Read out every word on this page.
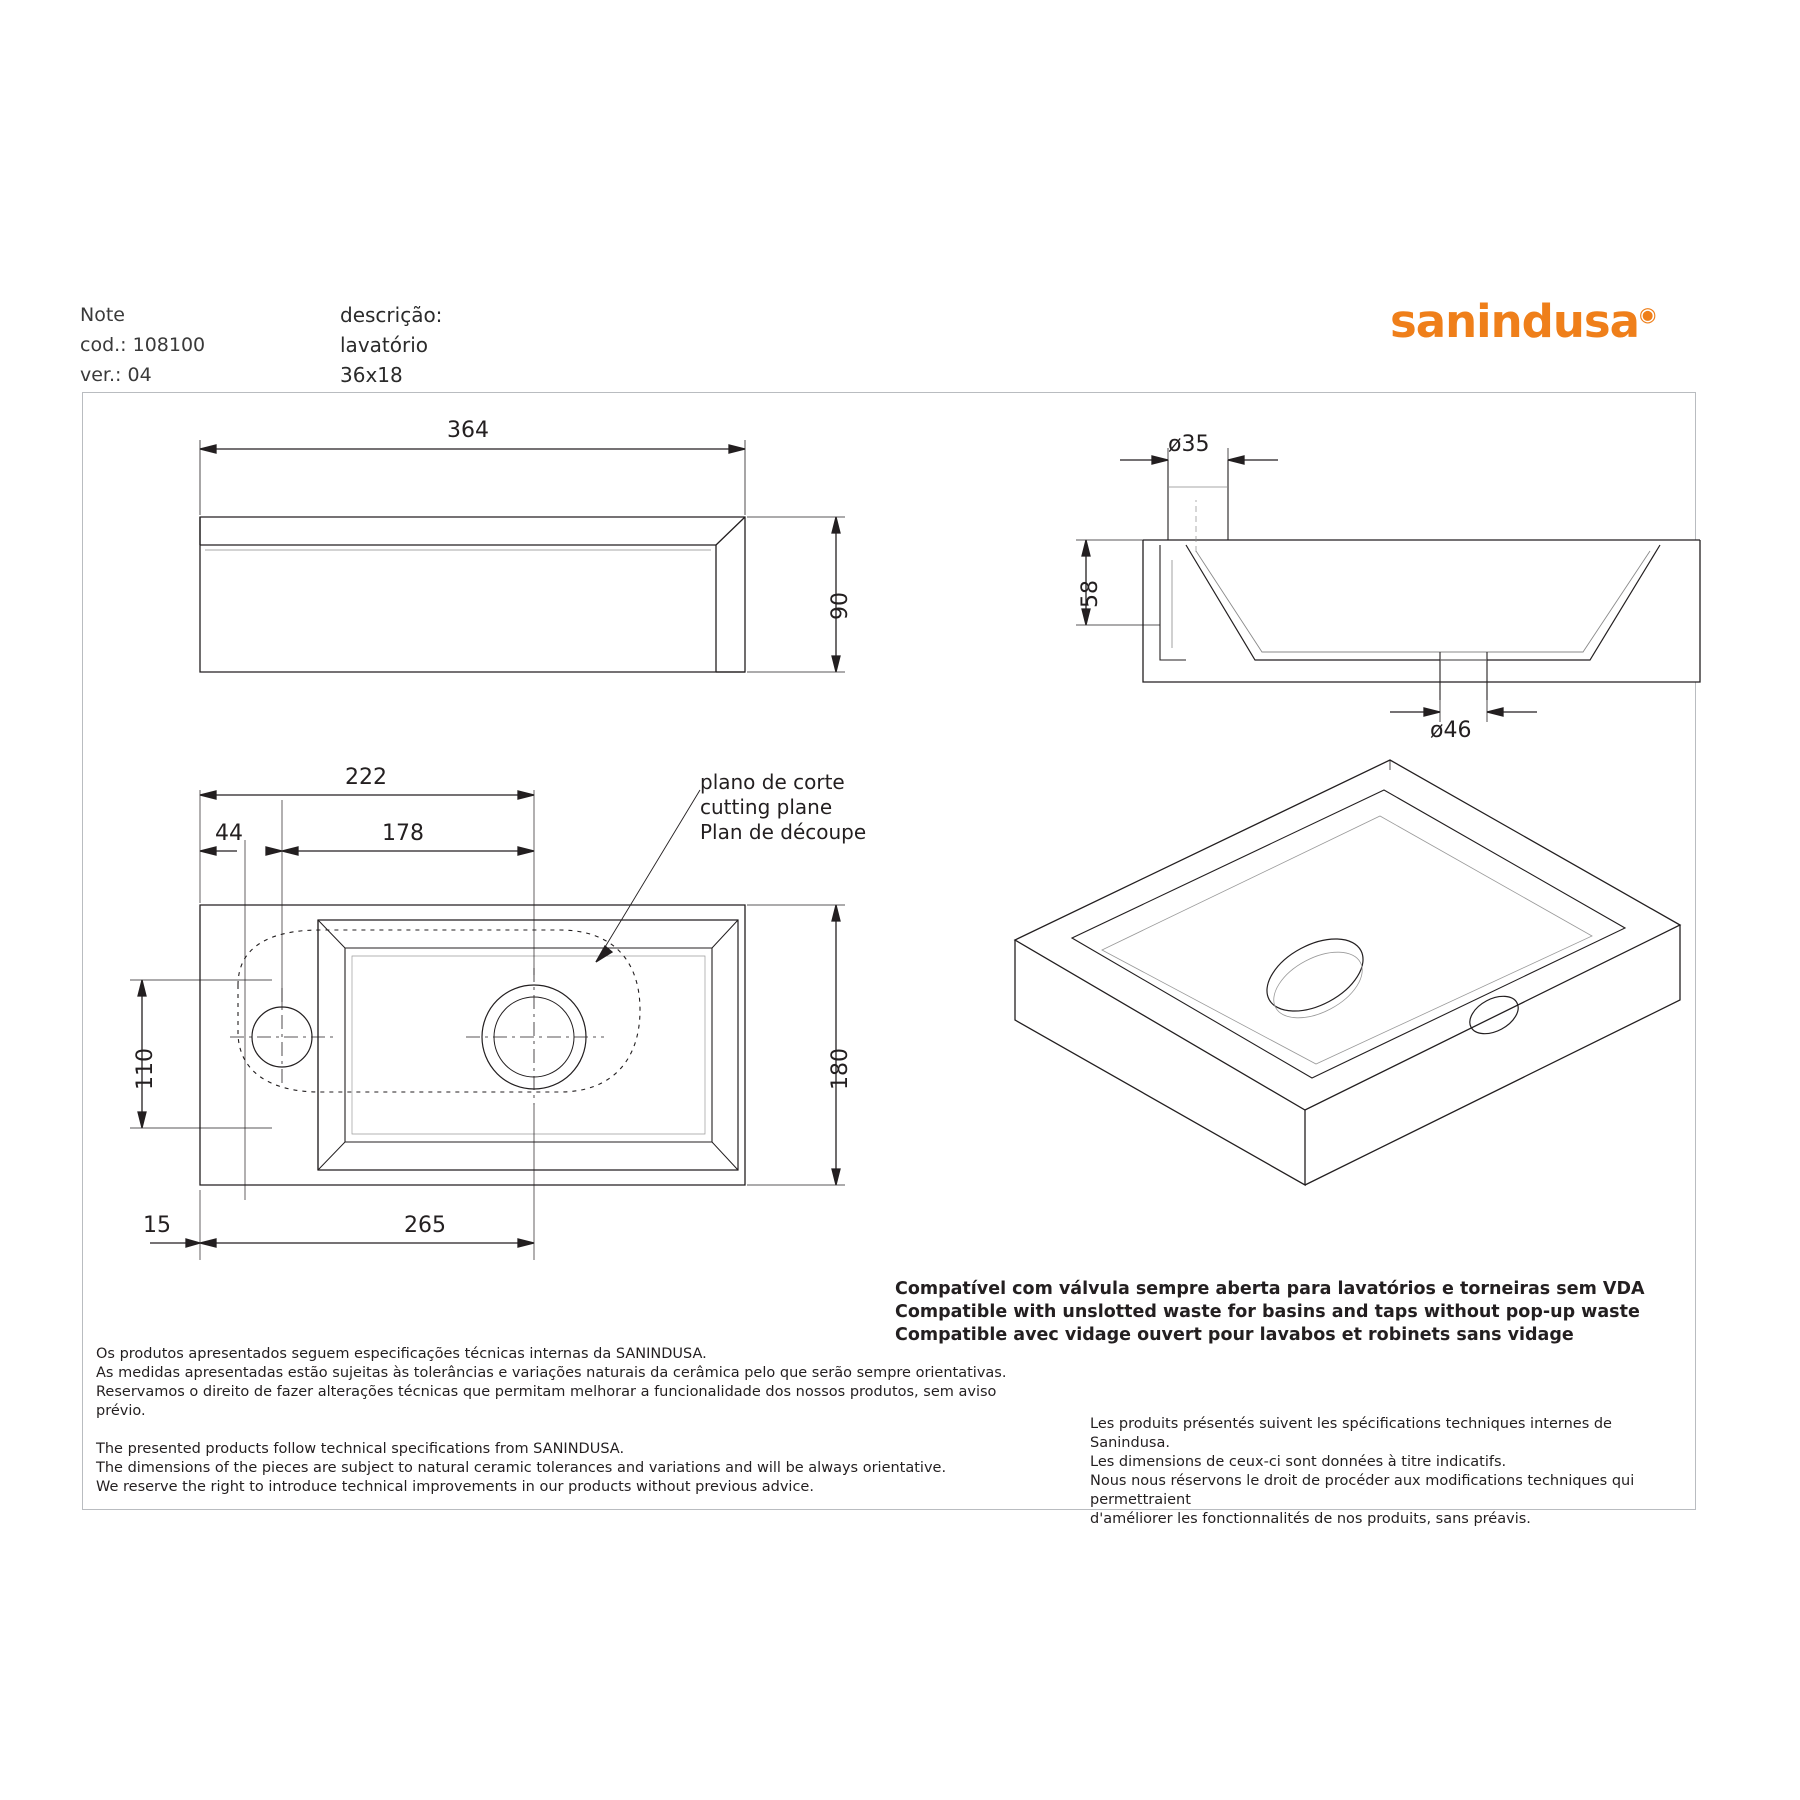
Note
cod.: 108100
ver.: 04
descrição: lavatório 36x18
sanindusa◉
364
90
ø35
58
ø46
222
44	178
110	180
265
15
plano de corte
cutting plane
Plan de découpe
Compatível com válvula sempre aberta para lavatórios e torneiras sem VDA
Compatible with unslotted waste for basins and taps without pop-up waste
Compatible avec vidage ouvert pour lavabos et robinets sans vidage
Os produtos apresentados seguem especificações técnicas internas da SANINDUSA.
As medidas apresentadas estão sujeitas às tolerâncias e variações naturais da cerâmica pelo que serão sempre orientativas.
Reservamos o direito de fazer alterações técnicas que permitam melhorar a funcionalidade dos nossos produtos, sem aviso prévio.
The presented products follow technical specifications from SANINDUSA.
The dimensions of the pieces are subject to natural ceramic tolerances and variations and will be always orientative.
We reserve the right to introduce technical improvements in our products without previous advice.
Les produits présentés suivent les spécifications techniques internes de Sanindusa.
Les dimensions de ceux-ci sont données à titre indicatifs.
Nous nous réservons le droit de procéder aux modifications techniques qui permettraient
d'améliorer les fonctionnalités de nos produits, sans préavis.
